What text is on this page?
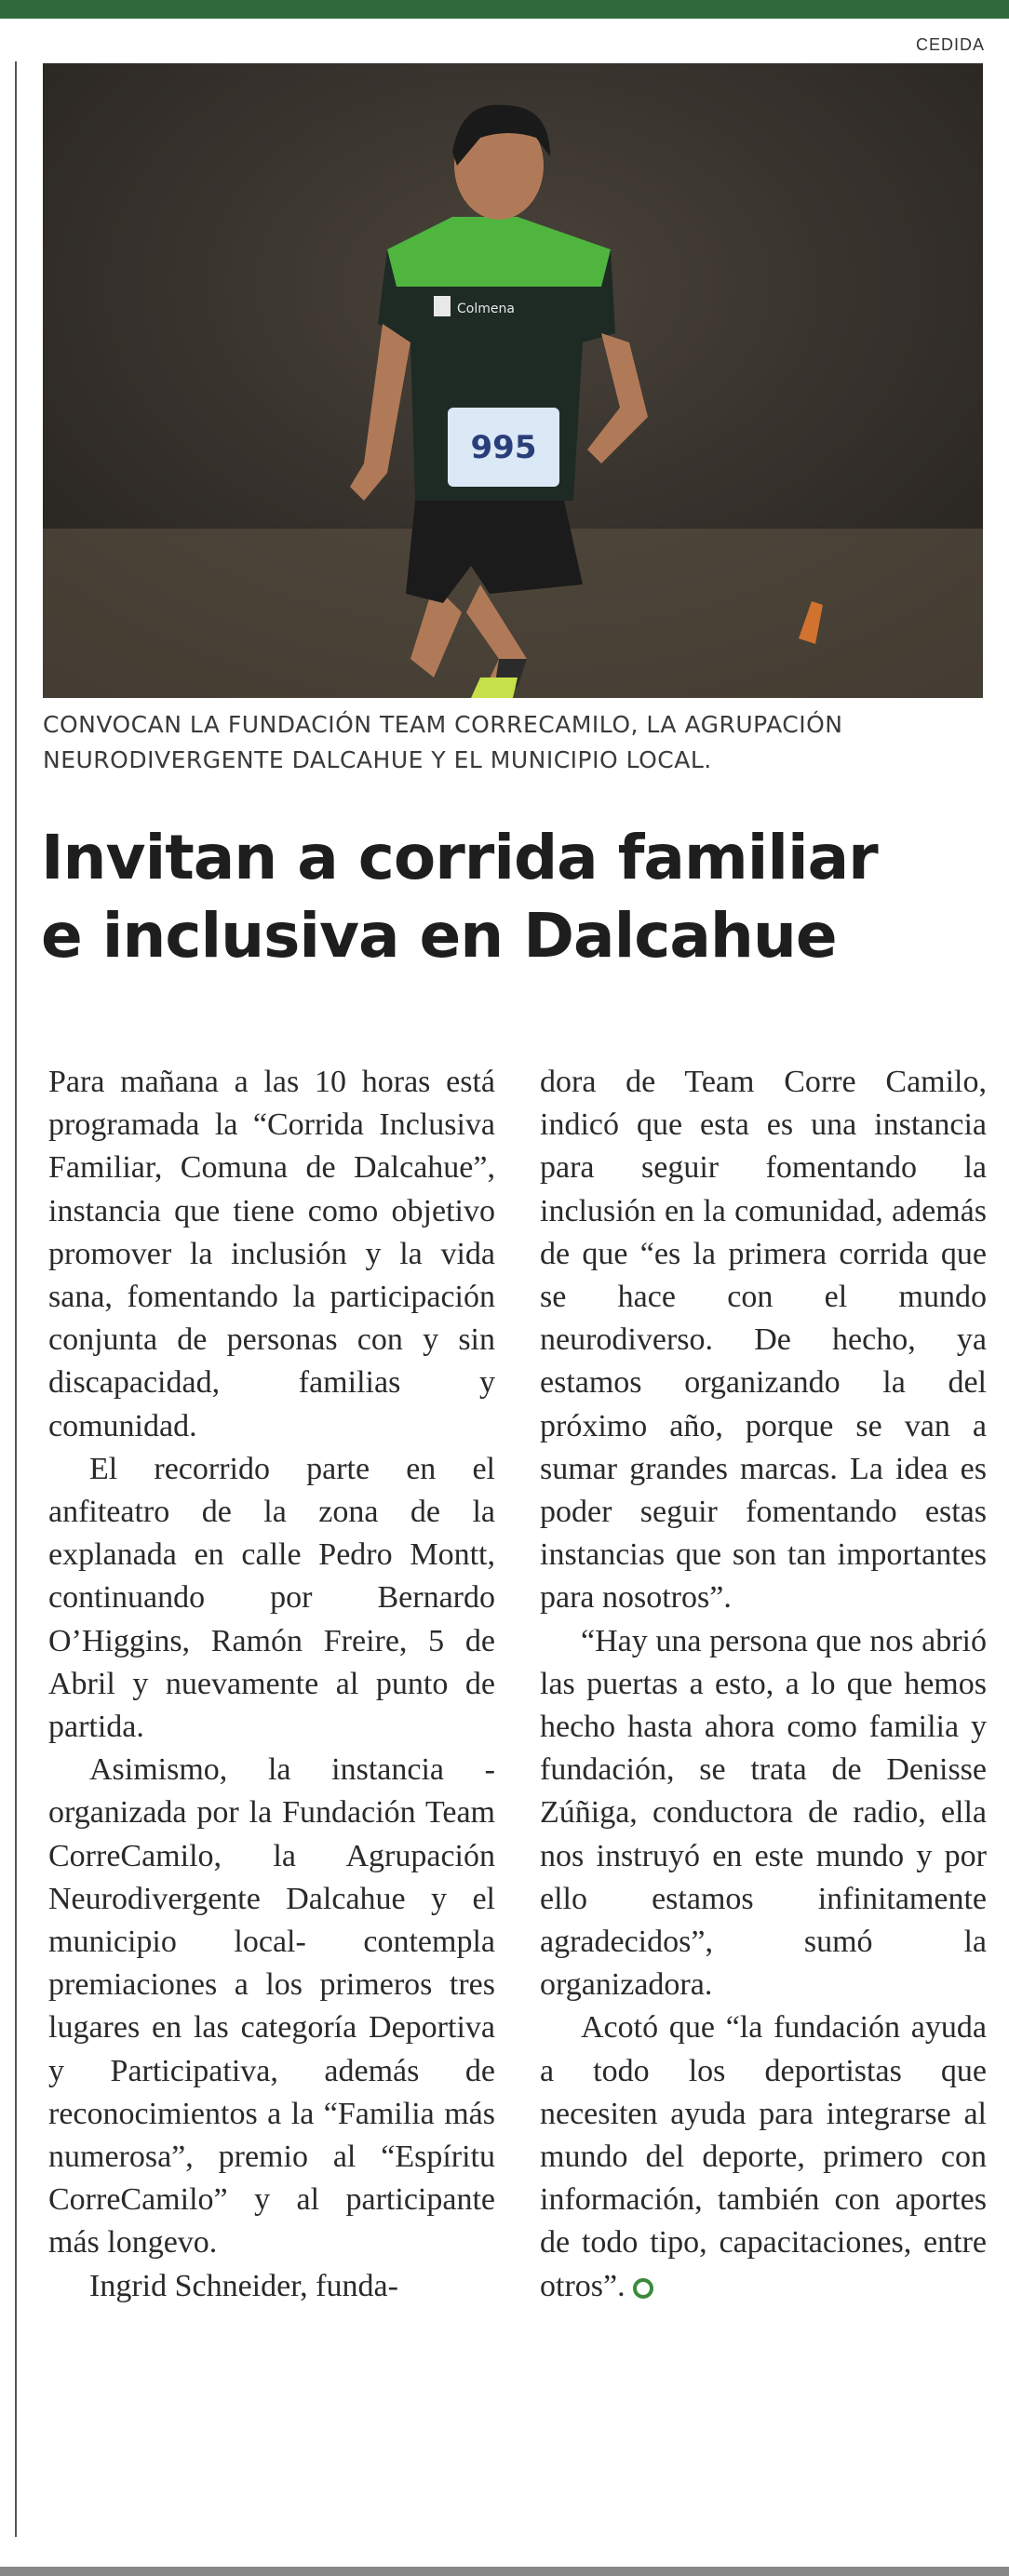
CEDIDA
995
Colmena
CONVOCAN LA FUNDACIÓN TEAM CORRECAMILO, LA AGRUPACIÓN NEURODIVERGENTE DALCAHUE Y EL MUNICIPIO LOCAL.
Invitan a corrida familiar
e inclusiva en Dalcahue

Para mañana a las 10 horas está programada la “Corrida Inclusiva Familiar, Comuna de Dalcahue”, instancia que tiene como objetivo promover la inclusión y la vida sana, fomentando la participación conjunta de personas con y sin discapacidad, familias y comunidad.

El recorrido parte en el anfiteatro de la zona de la explanada en calle Pedro Montt, continuando por Bernardo O’Higgins, Ramón Freire, 5 de Abril y nuevamente al punto de partida.

Asimismo, la instancia -organizada por la Fundación Team CorreCamilo, la Agrupación Neurodivergente Dalcahue y el municipio local- contempla premiaciones a los primeros tres lugares en las categoría Deportiva y Participativa, además de reconocimientos a la “Familia más numerosa”, premio al “Espíritu CorreCamilo” y al participante más longevo.

Ingrid Schneider, funda-

dora de Team Corre Camilo, indicó que esta es una instancia para seguir fomentando la inclusión en la comunidad, además de que “es la primera corrida que se hace con el mundo neurodiverso. De hecho, ya estamos organizando la del próximo año, porque se van a sumar grandes marcas. La idea es poder seguir fomentando estas instancias que son tan importantes para nosotros”.

“Hay una persona que nos abrió las puertas a esto, a lo que hemos hecho hasta ahora como familia y fundación, se trata de Denisse Zúñiga, conductora de radio, ella nos instruyó en este mundo y por ello estamos infinitamente agradecidos”, sumó la organizadora.

Acotó que “la fundación ayuda a todo los deportistas que necesiten ayuda para integrarse al mundo del deporte, primero con información, también con aportes de todo tipo, capacitaciones, entre otros”.
